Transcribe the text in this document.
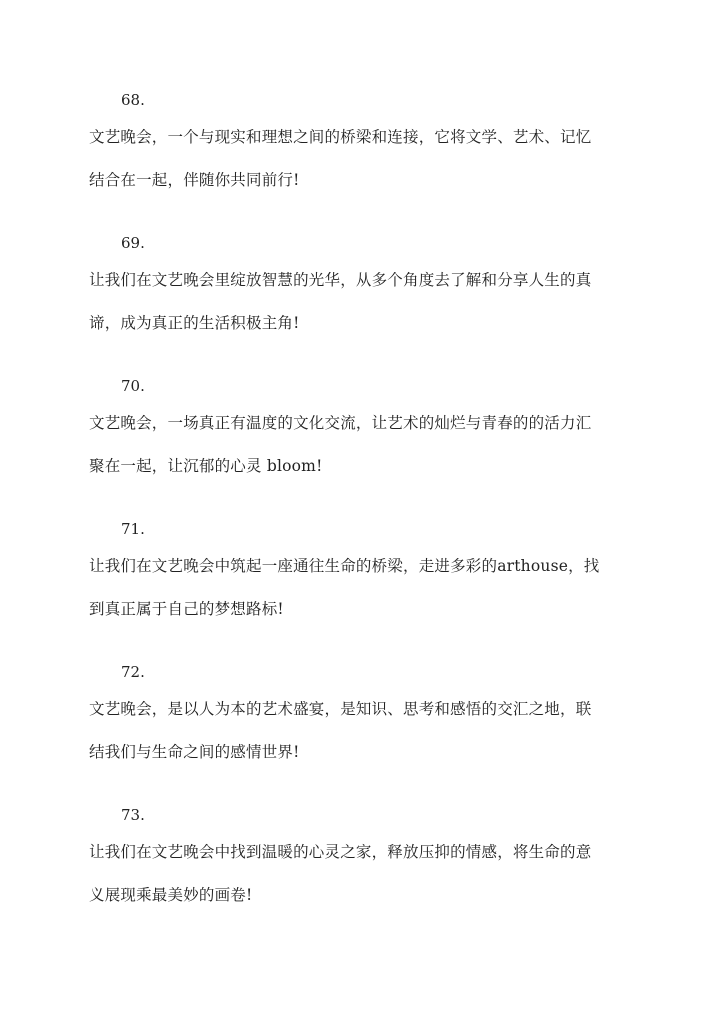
68.
文艺晚会，一个与现实和理想之间的桥梁和连接，它将文学、艺术、记忆
结合在一起，伴随你共同前行!
69.
让我们在文艺晚会里绽放智慧的光华，从多个角度去了解和分享人生的真
谛，成为真正的生活积极主角!
70.
文艺晚会，一场真正有温度的文化交流，让艺术的灿烂与青春的的活力汇
聚在一起，让沉郁的心灵 bloom!
71.
让我们在文艺晚会中筑起一座通往生命的桥梁，走进多彩的arthouse，找
到真正属于自己的梦想路标!
72.
文艺晚会，是以人为本的艺术盛宴，是知识、思考和感悟的交汇之地，联
结我们与生命之间的感情世界!
73.
让我们在文艺晚会中找到温暖的心灵之家，释放压抑的情感，将生命的意
义展现乘最美妙的画卷!
